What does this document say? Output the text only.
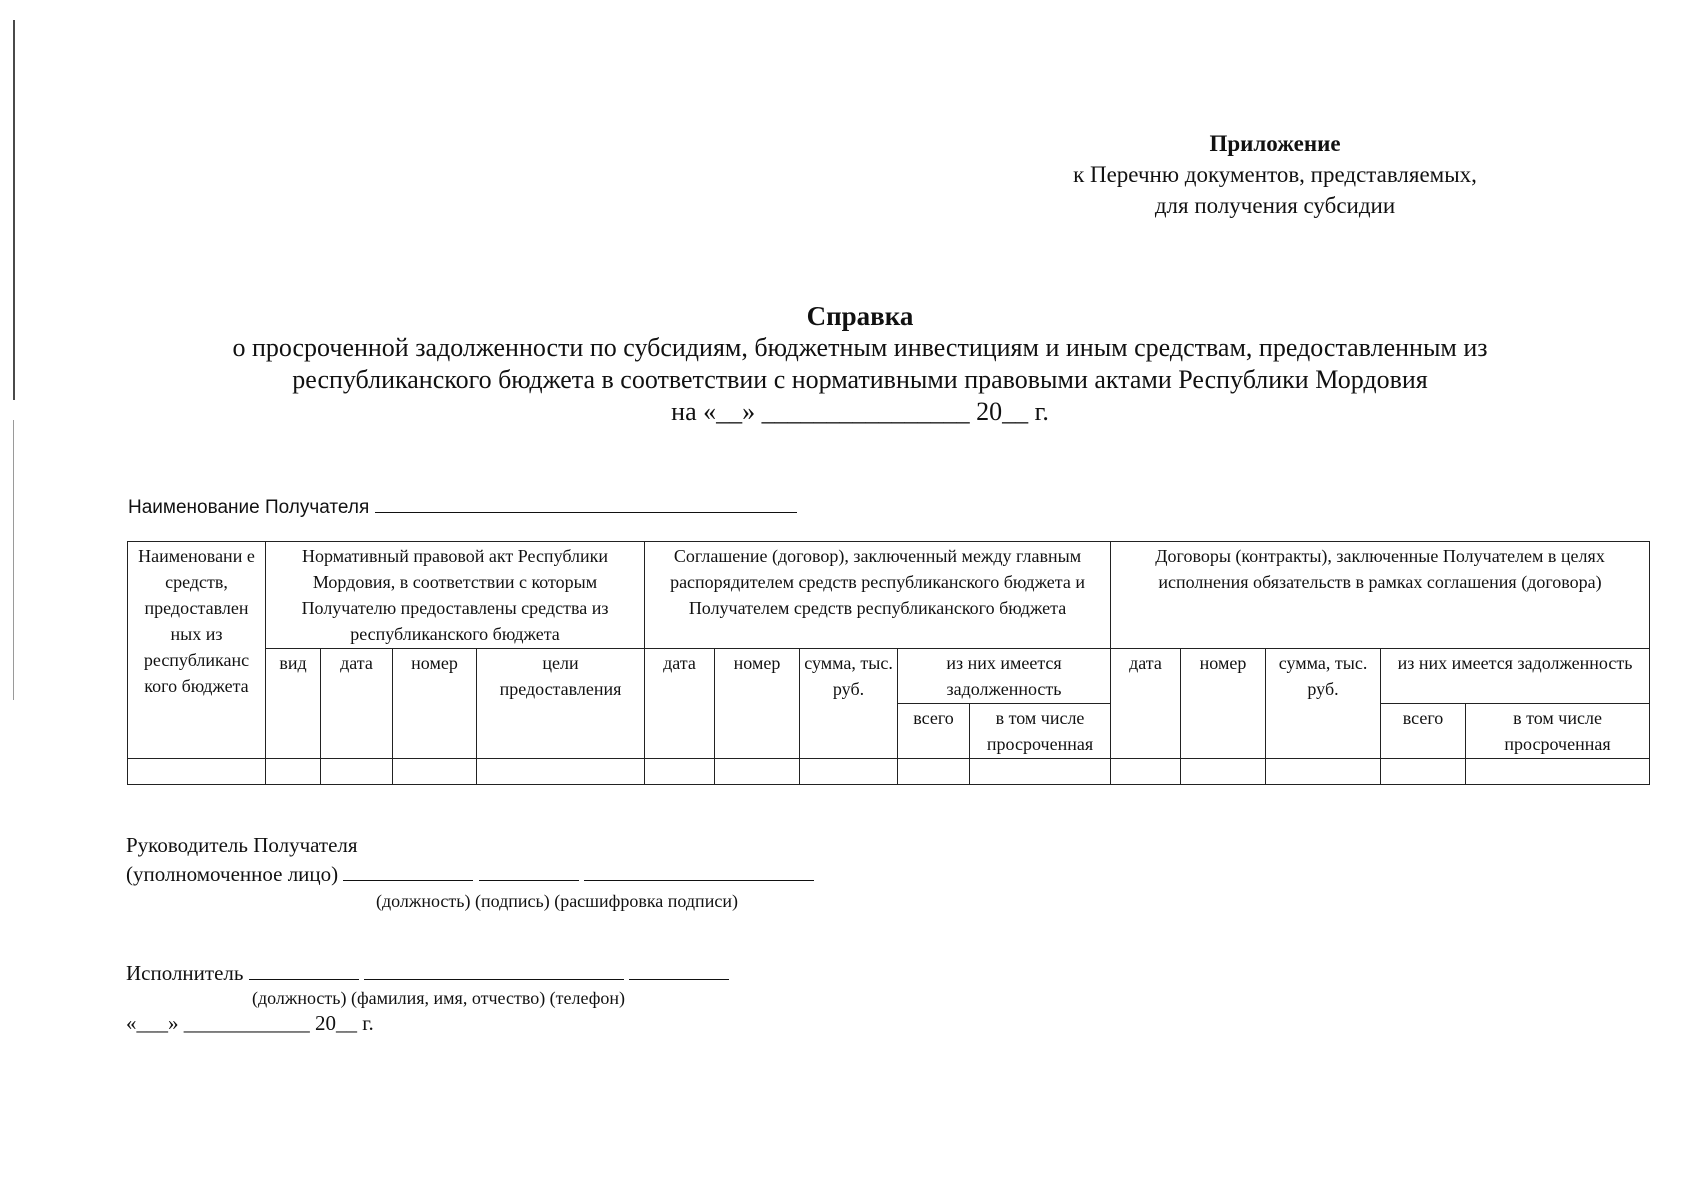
Приложение
к Перечню документов, представляемых,
для получения субсидии
Справка
о просроченной задолженности по субсидиям, бюджетным инвестициям и иным средствам, предоставленным из
республиканского бюджета в соответствии с нормативными правовыми актами Республики Мордовия
на «__» ________________ 20__ г.
Наименование Получателя
Наименовани е средств, предоставлен ных из республиканс кого бюджета	Нормативный правовой акт Республики Мордовия, в соответствии с которым Получателю предоставлены средства из республиканского бюджета				Соглашение (договор), заключенный между главным распорядителем средств республиканского бюджета и Получателем средств республиканского бюджета					Договоры (контракты), заключенные Получателем в целях исполнения обязательств в рамках соглашения (договора)				
	вид	дата	номер	цели предоставления	дата	номер	сумма, тыс. руб.	из них имеется задолженность		дата	номер	сумма, тыс. руб.	из них имеется задолженность	
								всего	в том числе просроченная				всего	в том числе просроченная

Руководитель Получателя
(уполномоченное лицо)
(должность) (подпись) (расшифровка подписи)
Исполнитель
(должность) (фамилия, имя, отчество) (телефон)
«___» ____________ 20__ г.
